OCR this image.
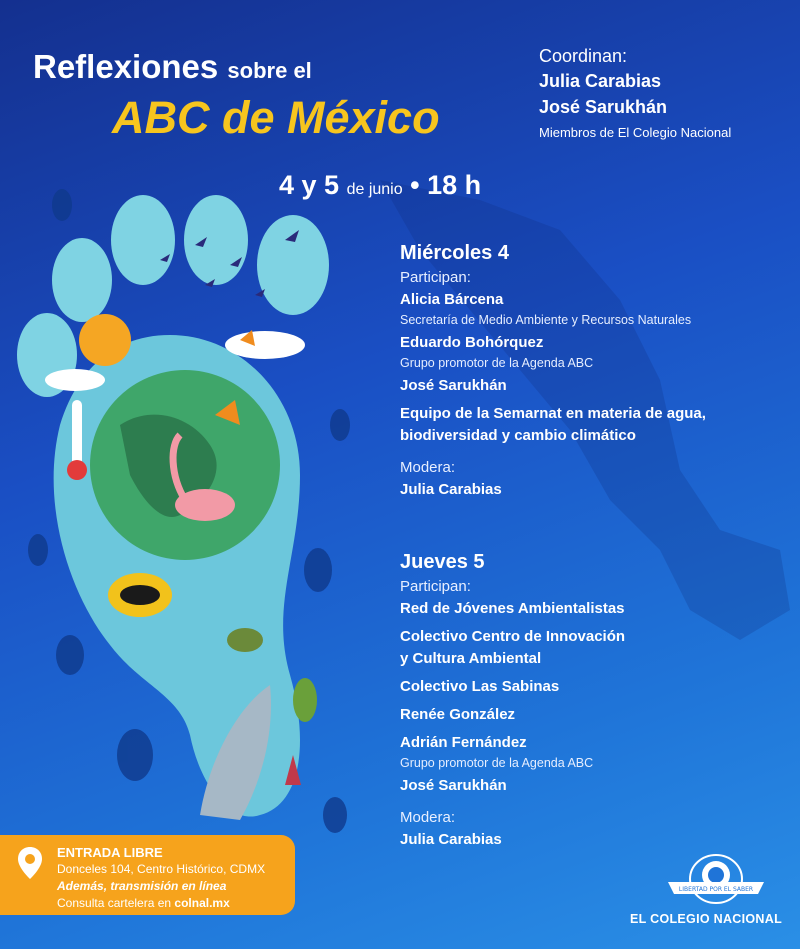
Reflexiones sobre el
ABC de México
4 y 5 de junio • 18 h
Coordinan:
Julia Carabias
José Sarukhán
Miembros de El Colegio Nacional
Miércoles 4
Participan:
Alicia Bárcena
Secretaría de Medio Ambiente y Recursos Naturales
Eduardo Bohórquez
Grupo promotor de la Agenda ABC
José Sarukhán
Equipo de la Semarnat en materia de agua,
biodiversidad y cambio climático
Modera:
Julia Carabias
Jueves 5
Participan:
Red de Jóvenes Ambientalistas
Colectivo Centro de Innovación
y Cultura Ambiental
Colectivo Las Sabinas
Renée González
Adrián Fernández
Grupo promotor de la Agenda ABC
José Sarukhán
Modera:
Julia Carabias
ENTRADA LIBRE
Donceles 104, Centro Histórico, CDMX
Además, transmisión en línea
Consulta cartelera en colnal.mx
LIBERTAD POR EL SABER
EL COLEGIO NACIONAL
